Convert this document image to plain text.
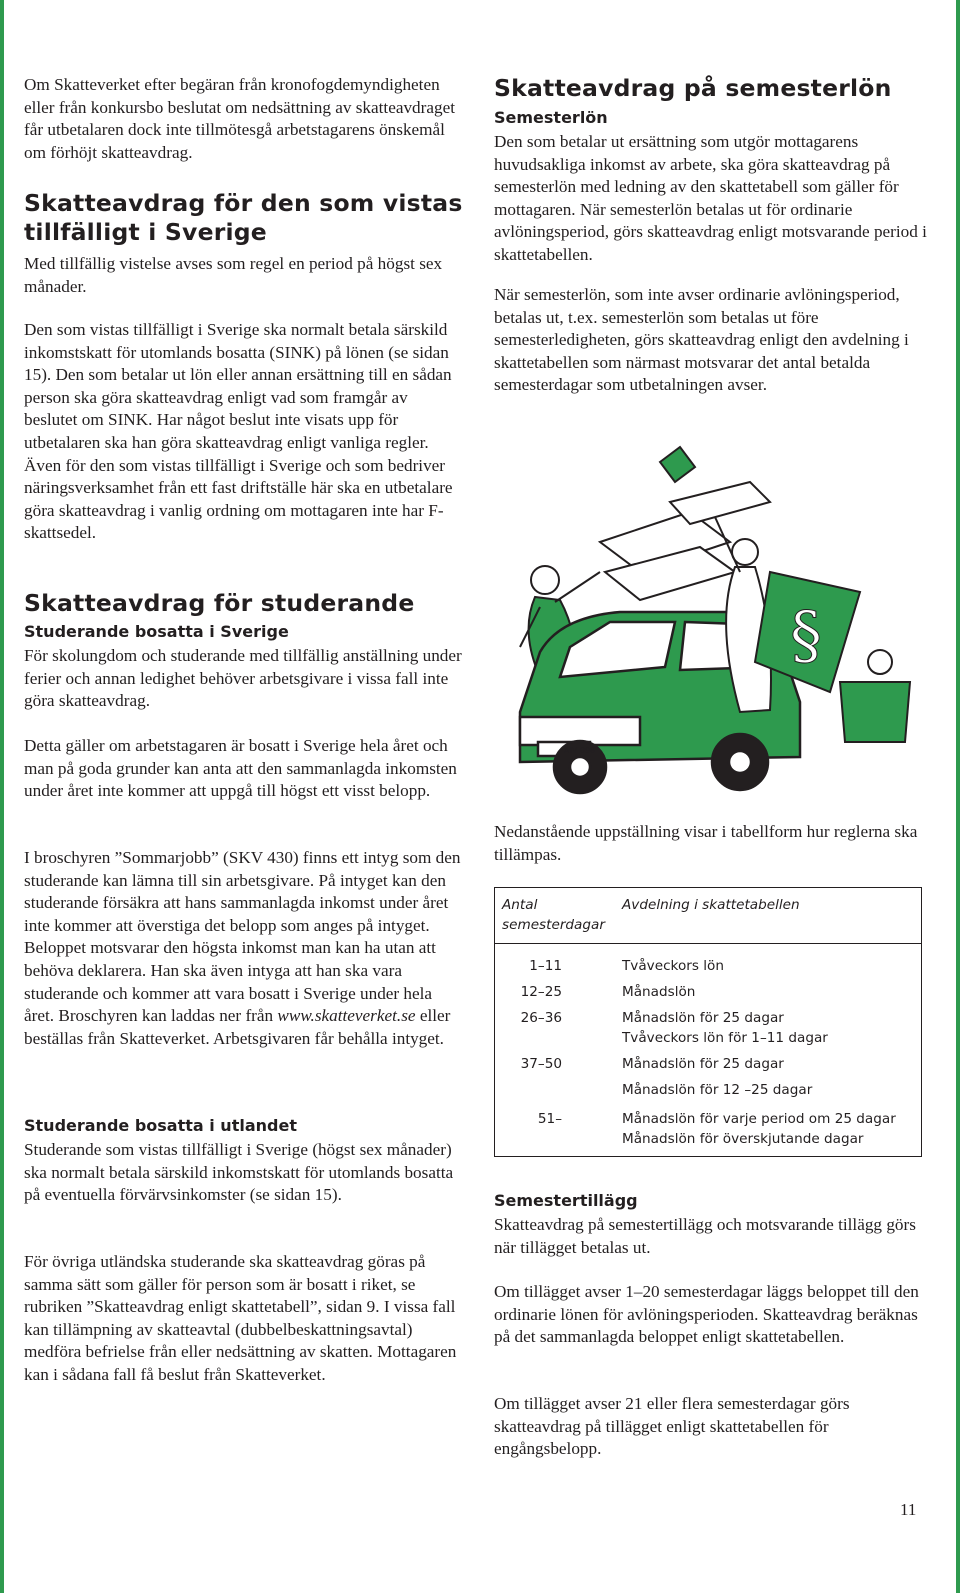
Om Skatteverket efter begäran från kronofogdemyndigheten eller från konkursbo beslutat om nedsättning av skatteavdraget får utbetalaren dock inte tillmötesgå arbetstagarens önskemål om förhöjt skatteavdrag.

Skatteavdrag för den som vistas tillfälligt i Sverige

Med tillfällig vistelse avses som regel en period på högst sex månader.

Den som vistas tillfälligt i Sverige ska normalt betala särskild inkomstskatt för utomlands bosatta (SINK) på lönen (se sidan 15). Den som betalar ut lön eller annan ersättning till en sådan person ska göra skatteavdrag enligt vad som framgår av beslutet om SINK. Har något beslut inte visats upp för utbetalaren ska han göra skatteavdrag enligt vanliga regler. Även för den som vistas tillfälligt i Sverige och som bedriver näringsverksamhet från ett fast driftställe här ska en utbetalare göra skatteavdrag i vanlig ordning om mottagaren inte har F-skattsedel.

Skatteavdrag för studerande
Studerande bosatta i Sverige

För skolungdom och studerande med tillfällig anställning under ferier och annan ledighet behöver arbetsgivare i vissa fall inte göra skatteavdrag.

Detta gäller om arbetstagaren är bosatt i Sverige hela året och man på goda grunder kan anta att den sammanlagda inkomsten under året inte kommer att uppgå till högst ett visst belopp.

I broschyren ”Sommarjobb” (SKV 430) finns ett intyg som den studerande kan lämna till sin arbetsgivare. På intyget kan den studerande försäkra att hans sammanlagda inkomst under året inte kommer att överstiga det belopp som anges på intyget. Beloppet motsvarar den högsta inkomst man kan ha utan att behöva deklarera. Han ska även intyga att han ska vara studerande och kommer att vara bosatt i Sverige under hela året. Broschyren kan laddas ner från www.skatteverket.se eller beställas från Skatteverket. Arbetsgivaren får behålla intyget.

Studerande bosatta i utlandet

Studerande som vistas tillfälligt i Sverige (högst sex månader) ska normalt betala särskild inkomstskatt för utomlands bosatta på eventuella förvärvsinkomster (se sidan 15).

För övriga utländska studerande ska skatteavdrag göras på samma sätt som gäller för person som är bosatt i riket, se rubriken ”Skatteavdrag enligt skattetabell”, sidan 9. I vissa fall kan tillämpning av skatteavtal (dubbelbeskattningsavtal) medföra befrielse från eller nedsättning av skatten. Mottagaren kan i sådana fall få beslut från Skatteverket.

Skatteavdrag på semesterlön
Semesterlön

Den som betalar ut ersättning som utgör mottagarens huvudsakliga inkomst av arbete, ska göra skatteavdrag på semesterlön med ledning av den skattetabell som gäller för mottagaren. När semesterlön betalas ut för ordinarie avlöningsperiod, görs skatteavdrag enligt motsvarande period i skattetabellen.

När semesterlön, som inte avser ordinarie avlöningsperiod, betalas ut, t.ex. semesterlön som betalas ut före semesterledigheten, görs skatteavdrag enligt den avdelning i skattetabellen som närmast motsvarar det antal betalda semesterdagar som utbetalningen avser.

Nedanstående uppställning visar i tabellform hur reglerna ska tillämpas.

Semestertillägg

Skatteavdrag på semestertillägg och motsvarande tillägg görs när tillägget betalas ut.

Om tillägget avser 1–20 semesterdagar läggs beloppet till den ordinarie lönen för avlöningsperioden. Skatteavdrag beräknas på det sammanlagda beloppet enligt skattetabellen.

Om tillägget avser 21 eller flera semesterdagar görs skatteavdrag på tillägget enligt skattetabellen för engångsbelopp.

AIV 098
§
Antal
semesterdagar	Avdelning i skattetabellen
1–11	Tvåveckors lön
12–25	Månadslön
26–36	Månadslön för 25 dagar
Tvåveckors lön för 1–11 dagar
37–50	Månadslön för 25 dagar
Månadslön för 12 –25 dagar
51–	Månadslön för varje period om 25 dagar
Månadslön för överskjutande dagar
11
